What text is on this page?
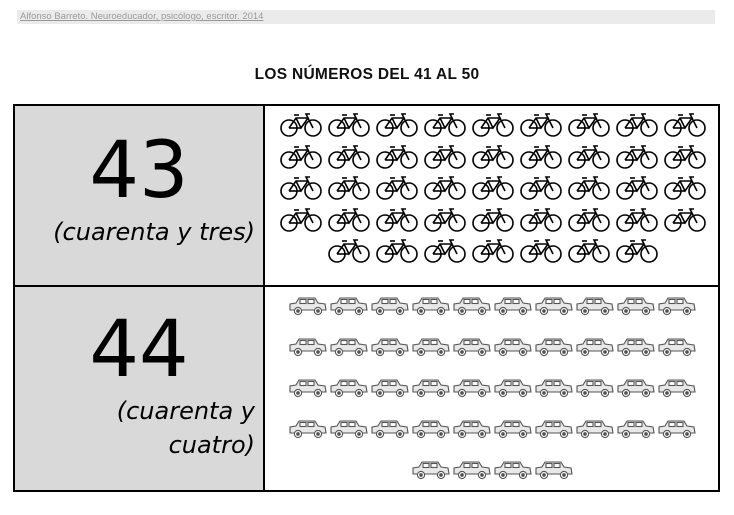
Alfonso Barreto. Neuroeducador, psicólogo, escritor. 2014
LOS NÚMEROS DEL 41 AL 50
43
(cuarenta y tres)
44
(cuarenta y
cuatro)
